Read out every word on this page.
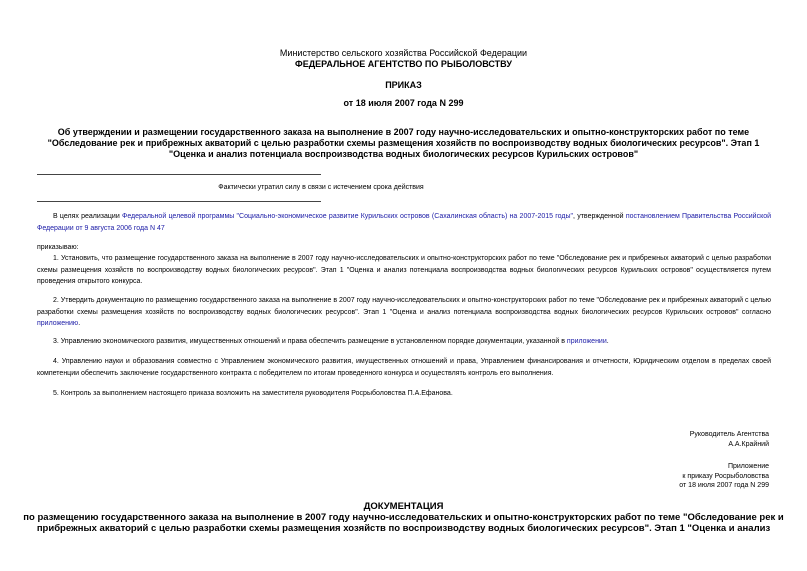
Министерство сельского хозяйства Российской Федерации
ФЕДЕРАЛЬНОЕ АГЕНТСТВО ПО РЫБОЛОВСТВУ
ПРИКАЗ
от 18 июля 2007 года N 299
Об утверждении и размещении государственного заказа на выполнение в 2007 году научно-исследовательских и опытно-конструкторских работ по теме
"Обследование рек и прибрежных акваторий с целью разработки схемы размещения хозяйств по воспроизводству водных биологических ресурсов". Этап 1
"Оценка и анализ потенциала воспроизводства водных биологических ресурсов Курильских островов"
Фактически утратил силу в связи с истечением срока действия

В целях реализации Федеральной целевой программы "Социально-экономическое развитие Курильских островов (Сахалинская область) на 2007-2015 годы", утвержденной постановлением Правительства Российской Федерации от 9 августа 2006 года N 47

приказываю:

1. Установить, что размещение государственного заказа на выполнение в 2007 году научно-исследовательских и опытно-конструкторских работ по теме "Обследование рек и прибрежных акваторий с целью разработки схемы размещения хозяйств по воспроизводству водных биологических ресурсов". Этап 1 "Оценка и анализ потенциала воспроизводства водных биологических ресурсов Курильских островов" осуществляется путем проведения открытого конкурса.

2. Утвердить документацию по размещению государственного заказа на выполнение в 2007 году научно-исследовательских и опытно-конструкторских работ по теме "Обследование рек и прибрежных акваторий с целью разработки схемы размещения хозяйств по воспроизводству водных биологических ресурсов". Этап 1 "Оценка и анализ потенциала воспроизводства водных биологических ресурсов Курильских островов" согласно приложению.

3. Управлению экономического развития, имущественных отношений и права обеспечить размещение в установленном порядке документации, указанной в приложении.

4. Управлению науки и образования совместно с Управлением экономического развития, имущественных отношений и права, Управлением финансирования и отчетности, Юридическим отделом в пределах своей компетенции обеспечить заключение государственного контракта с победителем по итогам проведенного конкурса и осуществлять контроль его выполнения.

5. Контроль за выполнением настоящего приказа возложить на заместителя руководителя Росрыболовства П.А.Ефанова.

Руководитель Агентства
А.А.Крайний
Приложение
к приказу Росрыболовства
от 18 июля 2007 года N 299
ДОКУМЕНТАЦИЯ
по размещению государственного заказа на выполнение в 2007 году научно-исследовательских и опытно-конструкторских работ по теме "Обследование рек и
прибрежных акваторий с целью разработки схемы размещения хозяйств по воспроизводству водных биологических ресурсов". Этап 1 "Оценка и анализ
